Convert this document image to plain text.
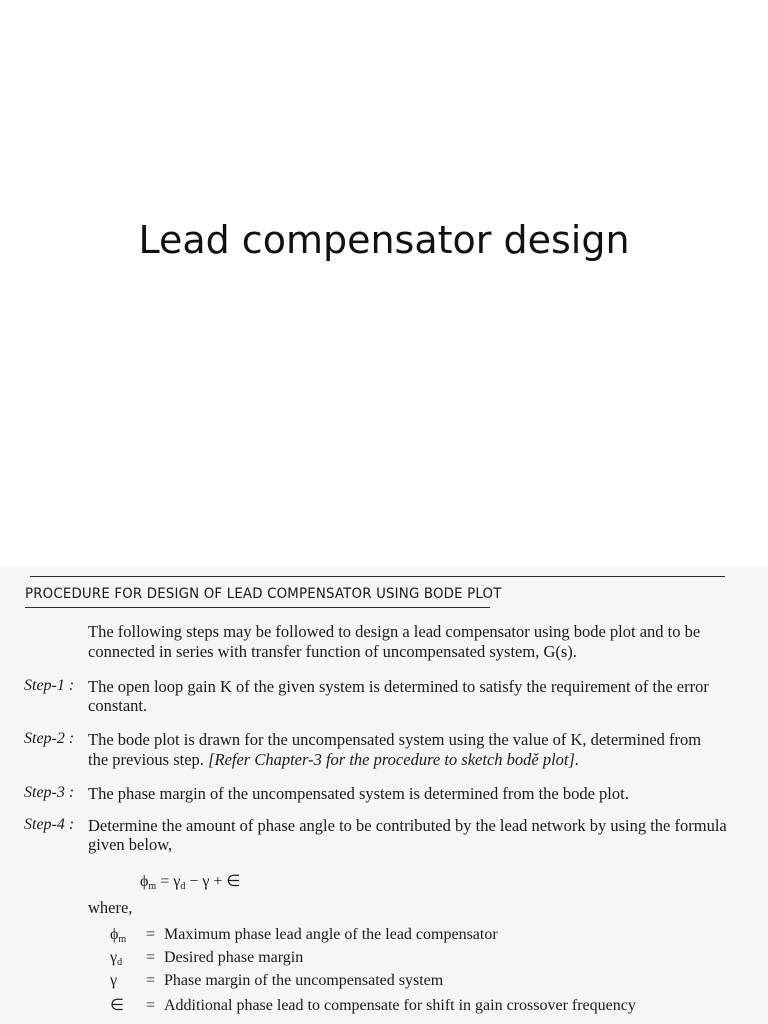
Lead compensator design
PROCEDURE FOR DESIGN OF LEAD COMPENSATOR USING BODE PLOT
The following steps may be followed to design a lead compensator using bode plot and to be
connected in series with transfer function of uncompensated system, G(s).
Step-1 : The open loop gain K of the given system is determined to satisfy the requirement of the error
constant.
Step-2 : The bode plot is drawn for the uncompensated system using the value of K, determined from
the previous step. [Refer Chapter-3 for the procedure to sketch bodě plot].
Step-3 : The phase margin of the uncompensated system is determined from the bode plot.
Step-4 : Determine the amount of phase angle to be contributed by the lead network by using the formula
given below,
$\phi_m = \gamma_d - \gamma$ + ∈
where,
$\phi_m$ = Maximum phase lead angle of the lead compensator
$\gamma_d$ = Desired phase margin
γ = Phase margin of the uncompensated system
∈ = Additional phase lead to compensate for shift in gain crossover frequency
